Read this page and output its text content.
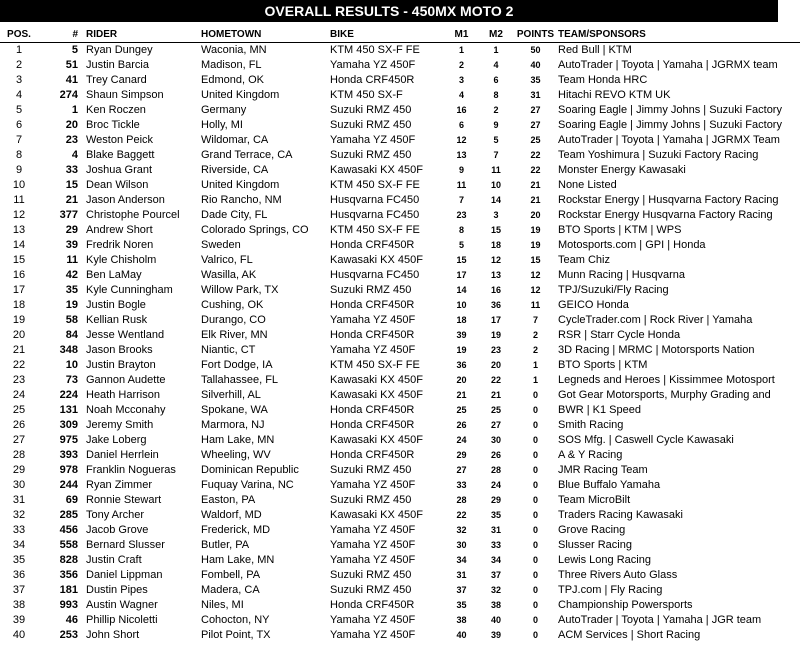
OVERALL RESULTS - 450MX MOTO 2
POS.	#	RIDER	HOMETOWN	BIKE	M1	M2	POINTS	TEAM/SPONSORS
1	5	Ryan Dungey	Waconia, MN	KTM 450 SX-F FE	1	1	50	Red Bull | KTM
2	51	Justin Barcia	Madison, FL	Yamaha YZ 450F	2	4	40	AutoTrader | Toyota | Yamaha | JGRMX team
3	41	Trey Canard	Edmond, OK	Honda CRF450R	3	6	35	Team Honda HRC
4	274	Shaun Simpson	United Kingdom	KTM 450 SX-F	4	8	31	Hitachi REVO KTM UK
5	1	Ken Roczen	Germany	Suzuki RMZ 450	16	2	27	Soaring Eagle | Jimmy Johns | Suzuki Factory
6	20	Broc Tickle	Holly, MI	Suzuki RMZ 450	6	9	27	Soaring Eagle | Jimmy Johns | Suzuki Factory
7	23	Weston Peick	Wildomar, CA	Yamaha YZ 450F	12	5	25	AutoTrader | Toyota | Yamaha | JGRMX Team
8	4	Blake Baggett	Grand Terrace, CA	Suzuki RMZ 450	13	7	22	Team Yoshimura | Suzuki Factory Racing
9	33	Joshua Grant	Riverside, CA	Kawasaki KX 450F	9	11	22	Monster Energy Kawasaki
10	15	Dean Wilson	United Kingdom	KTM 450 SX-F FE	11	10	21	None Listed
11	21	Jason Anderson	Rio Rancho, NM	Husqvarna FC450	7	14	21	Rockstar Energy | Husqvarna Factory Racing
12	377	Christophe Pourcel	Dade City, FL	Husqvarna FC450	23	3	20	Rockstar Energy Husqvarna Factory Racing
13	29	Andrew Short	Colorado Springs, CO	KTM 450 SX-F FE	8	15	19	BTO Sports | KTM | WPS
14	39	Fredrik Noren	Sweden	Honda CRF450R	5	18	19	Motosports.com | GPI | Honda
15	11	Kyle Chisholm	Valrico, FL	Kawasaki KX 450F	15	12	15	Team Chiz
16	42	Ben LaMay	Wasilla, AK	Husqvarna FC450	17	13	12	Munn Racing | Husqvarna
17	35	Kyle Cunningham	Willow Park, TX	Suzuki RMZ 450	14	16	12	TPJ/Suzuki/Fly Racing
18	19	Justin Bogle	Cushing, OK	Honda CRF450R	10	36	11	GEICO Honda
19	58	Kellian Rusk	Durango, CO	Yamaha YZ 450F	18	17	7	CycleTrader.com | Rock River | Yamaha
20	84	Jesse Wentland	Elk River, MN	Honda CRF450R	39	19	2	RSR | Starr Cycle Honda
21	348	Jason Brooks	Niantic, CT	Yamaha YZ 450F	19	23	2	3D Racing | MRMC | Motorsports Nation
22	10	Justin Brayton	Fort Dodge, IA	KTM 450 SX-F FE	36	20	1	BTO Sports | KTM
23	73	Gannon Audette	Tallahassee, FL	Kawasaki KX 450F	20	22	1	Legneds and Heroes | Kissimmee Motosport
24	224	Heath Harrison	Silverhill, AL	Kawasaki KX 450F	21	21	0	Got Gear Motorsports, Murphy Grading and
25	131	Noah Mcconahy	Spokane, WA	Honda CRF450R	25	25	0	BWR | K1 Speed
26	309	Jeremy Smith	Marmora, NJ	Honda CRF450R	26	27	0	Smith Racing
27	975	Jake Loberg	Ham Lake, MN	Kawasaki KX 450F	24	30	0	SOS Mfg. | Caswell Cycle Kawasaki
28	393	Daniel Herrlein	Wheeling, WV	Honda CRF450R	29	26	0	A & Y Racing
29	978	Franklin Nogueras	Dominican Republic	Suzuki RMZ 450	27	28	0	JMR Racing Team
30	244	Ryan Zimmer	Fuquay Varina, NC	Yamaha YZ 450F	33	24	0	Blue Buffalo Yamaha
31	69	Ronnie Stewart	Easton, PA	Suzuki RMZ 450	28	29	0	Team MicroBilt
32	285	Tony Archer	Waldorf, MD	Kawasaki KX 450F	22	35	0	Traders Racing Kawasaki
33	456	Jacob Grove	Frederick, MD	Yamaha YZ 450F	32	31	0	Grove Racing
34	558	Bernard Slusser	Butler, PA	Yamaha YZ 450F	30	33	0	Slusser Racing
35	828	Justin Craft	Ham Lake, MN	Yamaha YZ 450F	34	34	0	Lewis Long Racing
36	356	Daniel Lippman	Fombell, PA	Suzuki RMZ 450	31	37	0	Three Rivers Auto Glass
37	181	Dustin Pipes	Madera, CA	Suzuki RMZ 450	37	32	0	TPJ.com | Fly Racing
38	993	Austin Wagner	Niles, MI	Honda CRF450R	35	38	0	Championship Powersports
39	46	Phillip Nicoletti	Cohocton, NY	Yamaha YZ 450F	38	40	0	AutoTrader | Toyota | Yamaha | JGR team
40	253	John Short	Pilot Point, TX	Yamaha YZ 450F	40	39	0	ACM Services | Short Racing
